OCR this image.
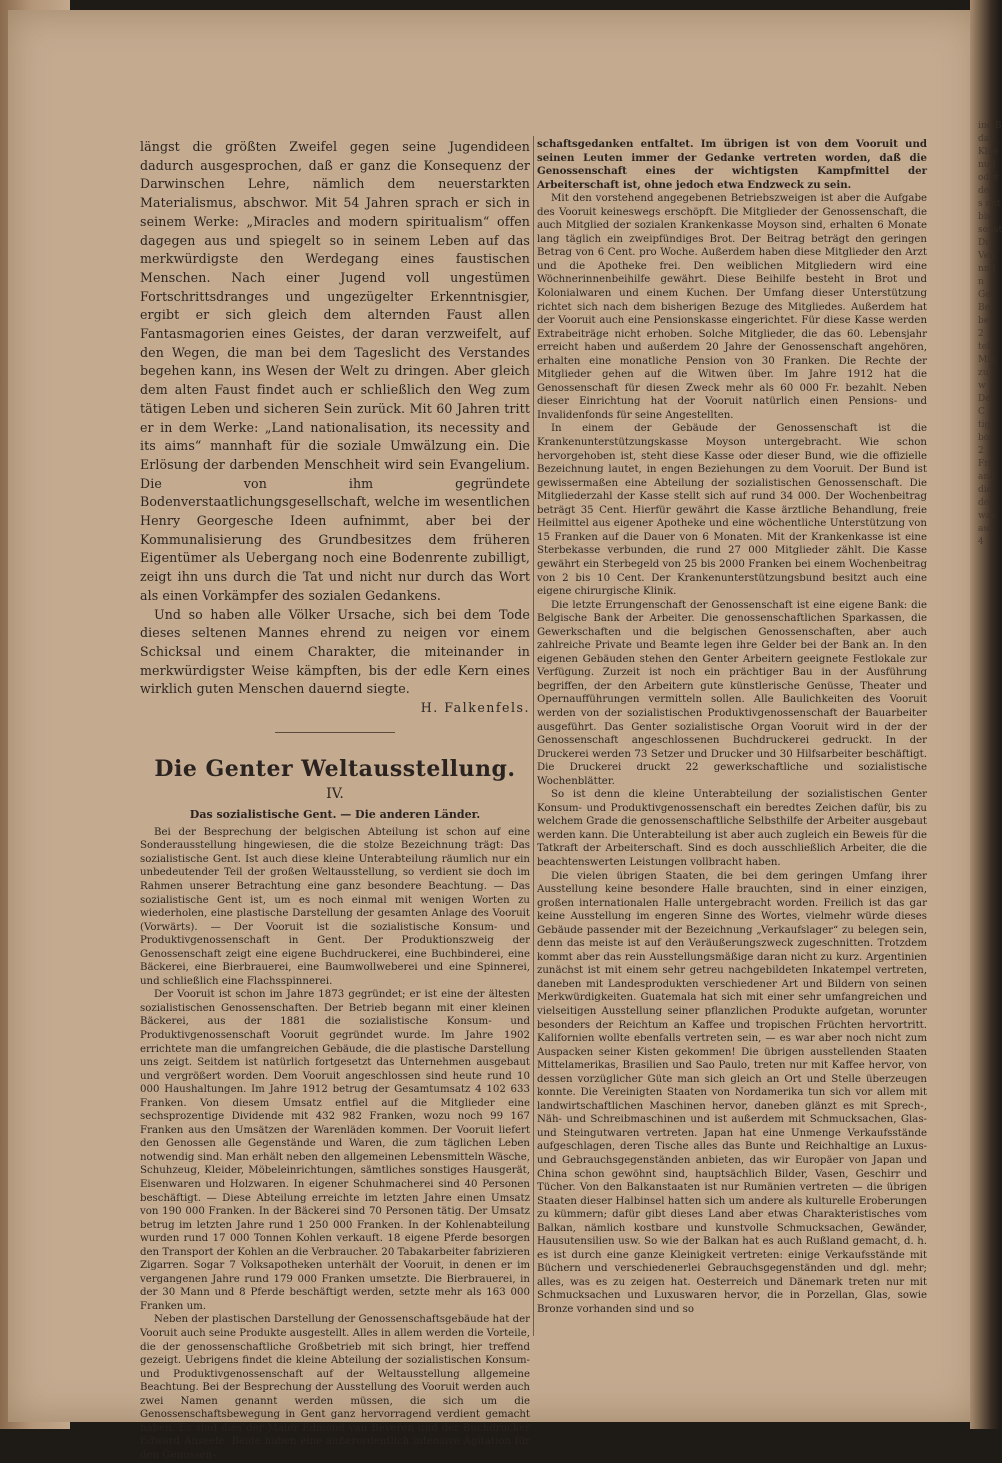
ine B
daß
Kloe
nug
oder
der
s mit
bis
sonst
Di
Ven
nnd
n
Ge
Bei
be
2
tell
Min
zu
w
De
C
tig
bor
2
Fra
and
die
der
was
aus
4

längst die größten Zweifel gegen seine Jugendideen dadurch ausgesprochen, daß er ganz die Konsequenz der Darwinschen Lehre, nämlich dem neuerstarkten Materialismus, abschwor. Mit 54 Jahren sprach er sich in seinem Werke: „Miracles and modern spiritualism“ offen dagegen aus und spiegelt so in seinem Leben auf das merkwürdigste den Werdegang eines faustischen Menschen. Nach einer Jugend voll ungestümen Fortschrittsdranges und ungezügelter Erkenntnisgier, ergibt er sich gleich dem alternden Faust allen Fantasmagorien eines Geistes, der daran verzweifelt, auf den Wegen, die man bei dem Tageslicht des Verstandes begehen kann, ins Wesen der Welt zu dringen. Aber gleich dem alten Faust findet auch er schließlich den Weg zum tätigen Leben und sicheren Sein zurück. Mit 60 Jahren tritt er in dem Werke: „Land nationalisation, its necessity and its aims“ mannhaft für die soziale Umwälzung ein. Die Erlösung der darbenden Menschheit wird sein Evangelium. Die von ihm gegründete Bodenverstaatlichungsgesellschaft, welche im wesentlichen Henry Georgesche Ideen aufnimmt, aber bei der Kommunalisierung des Grundbesitzes dem früheren Eigentümer als Uebergang noch eine Bodenrente zubilligt, zeigt ihn uns durch die Tat und nicht nur durch das Wort als einen Vorkämpfer des sozialen Gedankens.

Und so haben alle Völker Ursache, sich bei dem Tode dieses seltenen Mannes ehrend zu neigen vor einem Schicksal und einem Charakter, die miteinander in merkwürdigster Weise kämpften, bis der edle Kern eines wirklich guten Menschen dauernd siegte.

H. Falkenfels.

Die Genter Weltausstellung.

IV.

Das sozialistische Gent. — Die anderen Länder.

Bei der Besprechung der belgischen Abteilung ist schon auf eine Sonderausstellung hingewiesen, die die stolze Bezeichnung trägt: Das sozialistische Gent. Ist auch diese kleine Unterabteilung räumlich nur ein unbedeutender Teil der großen Weltausstellung, so verdient sie doch im Rahmen unserer Betrachtung eine ganz besondere Beachtung. — Das sozialistische Gent ist, um es noch einmal mit wenigen Worten zu wiederholen, eine plastische Darstellung der gesamten Anlage des Vooruit (Vorwärts). — Der Vooruit ist die sozialistische Konsum- und Produktivgenossenschaft in Gent. Der Produktionszweig der Genossenschaft zeigt eine eigene Buchdruckerei, eine Buchbinderei, eine Bäckerei, eine Bierbrauerei, eine Baumwollweberei und eine Spinnerei, und schließlich eine Flachsspinnerei.

Der Vooruit ist schon im Jahre 1873 gegründet; er ist eine der ältesten sozialistischen Genossenschaften. Der Betrieb begann mit einer kleinen Bäckerei, aus der 1881 die sozialistische Konsum- und Produktivgenossenschaft Vooruit gegründet wurde. Im Jahre 1902 errichtete man die umfangreichen Gebäude, die die plastische Darstellung uns zeigt. Seitdem ist natürlich fortgesetzt das Unternehmen ausgebaut und vergrößert worden. Dem Vooruit angeschlossen sind heute rund 10 000 Haushaltungen. Im Jahre 1912 betrug der Gesamtumsatz 4 102 633 Franken. Von diesem Umsatz entfiel auf die Mitglieder eine sechsprozentige Dividende mit 432 982 Franken, wozu noch 99 167 Franken aus den Umsätzen der Warenläden kommen. Der Vooruit liefert den Genossen alle Gegenstände und Waren, die zum täglichen Leben notwendig sind. Man erhält neben den allgemeinen Lebensmitteln Wäsche, Schuhzeug, Kleider, Möbeleinrichtungen, sämtliches sonstiges Hausgerät, Eisenwaren und Holzwaren. In eigener Schuhmacherei sind 40 Personen beschäftigt. — Diese Abteilung erreichte im letzten Jahre einen Umsatz von 190 000 Franken. In der Bäckerei sind 70 Personen tätig. Der Umsatz betrug im letzten Jahre rund 1 250 000 Franken. In der Kohlenabteilung wurden rund 17 000 Tonnen Kohlen verkauft. 18 eigene Pferde besorgen den Transport der Kohlen an die Verbraucher. 20 Tabakarbeiter fabrizieren Zigarren. Sogar 7 Volksapotheken unterhält der Vooruit, in denen er im vergangenen Jahre rund 179 000 Franken umsetzte. Die Bierbrauerei, in der 30 Mann und 8 Pferde beschäftigt werden, setzte mehr als 163 000 Franken um.

Neben der plastischen Darstellung der Genossenschaftsgebäude hat der Vooruit auch seine Produkte ausgestellt. Alles in allem werden die Vorteile, die der genossenschaftliche Großbetrieb mit sich bringt, hier treffend gezeigt. Uebrigens findet die kleine Abteilung der sozialistischen Konsum- und Produktivgenossenschaft auf der Weltausstellung allgemeine Beachtung. Bei der Besprechung der Ausstellung des Vooruit werden auch zwei Namen genannt werden müssen, die sich um die Genossenschaftsbewegung in Gent ganz hervorragend verdient gemacht haben. Es sind dies der Maler Edmond van Beveren und der Buchdrucker Edward Anseele. Beide haben eine außerordentlich intensive Agitation für den Genossen-

schaftsgedanken entfaltet. Im übrigen ist von dem Vooruit und seinen Leuten immer der Gedanke vertreten worden, daß die Genossenschaft eines der wichtigsten Kampfmittel der Arbeiterschaft ist, ohne jedoch etwa Endzweck zu sein.

Mit den vorstehend angegebenen Betriebszweigen ist aber die Aufgabe des Vooruit keineswegs erschöpft. Die Mitglieder der Genossenschaft, die auch Mitglied der sozialen Krankenkasse Moyson sind, erhalten 6 Monate lang täglich ein zweipfündiges Brot. Der Beitrag beträgt den geringen Betrag von 6 Cent. pro Woche. Außerdem haben diese Mitglieder den Arzt und die Apotheke frei. Den weiblichen Mitgliedern wird eine Wöchnerinnenbeihilfe gewährt. Diese Beihilfe besteht in Brot und Kolonialwaren und einem Kuchen. Der Umfang dieser Unterstützung richtet sich nach dem bisherigen Bezuge des Mitgliedes. Außerdem hat der Vooruit auch eine Pensionskasse eingerichtet. Für diese Kasse werden Extrabeiträge nicht erhoben. Solche Mitglieder, die das 60. Lebensjahr erreicht haben und außerdem 20 Jahre der Genossenschaft angehören, erhalten eine monatliche Pension von 30 Franken. Die Rechte der Mitglieder gehen auf die Witwen über. Im Jahre 1912 hat die Genossenschaft für diesen Zweck mehr als 60 000 Fr. bezahlt. Neben dieser Einrichtung hat der Vooruit natürlich einen Pensions- und Invalidenfonds für seine Angestellten.

In einem der Gebäude der Genossenschaft ist die Krankenunterstützungskasse Moyson untergebracht. Wie schon hervorgehoben ist, steht diese Kasse oder dieser Bund, wie die offizielle Bezeichnung lautet, in engen Beziehungen zu dem Vooruit. Der Bund ist gewissermaßen eine Abteilung der sozialistischen Genossenschaft. Die Mitgliederzahl der Kasse stellt sich auf rund 34 000. Der Wochenbeitrag beträgt 35 Cent. Hierfür gewährt die Kasse ärztliche Behandlung, freie Heilmittel aus eigener Apotheke und eine wöchentliche Unterstützung von 15 Franken auf die Dauer von 6 Monaten. Mit der Krankenkasse ist eine Sterbekasse verbunden, die rund 27 000 Mitglieder zählt. Die Kasse gewährt ein Sterbegeld von 25 bis 2000 Franken bei einem Wochenbeitrag von 2 bis 10 Cent. Der Krankenunterstützungsbund besitzt auch eine eigene chirurgische Klinik.

Die letzte Errungenschaft der Genossenschaft ist eine eigene Bank: die Belgische Bank der Arbeiter. Die genossenschaftlichen Sparkassen, die Gewerkschaften und die belgischen Genossenschaften, aber auch zahlreiche Private und Beamte legen ihre Gelder bei der Bank an. In den eigenen Gebäuden stehen den Genter Arbeitern geeignete Festlokale zur Verfügung. Zurzeit ist noch ein prächtiger Bau in der Ausführung begriffen, der den Arbeitern gute künstlerische Genüsse, Theater und Opernaufführungen vermitteln sollen. Alle Baulichkeiten des Vooruit werden von der sozialistischen Produktivgenossenschaft der Bauarbeiter ausgeführt. Das Genter sozialistische Organ Vooruit wird in der der Genossenschaft angeschlossenen Buchdruckerei gedruckt. In der Druckerei werden 73 Setzer und Drucker und 30 Hilfsarbeiter beschäftigt. Die Druckerei druckt 22 gewerkschaftliche und sozialistische Wochenblätter.

So ist denn die kleine Unterabteilung der sozialistischen Genter Konsum- und Produktivgenossenschaft ein beredtes Zeichen dafür, bis zu welchem Grade die genossenschaftliche Selbsthilfe der Arbeiter ausgebaut werden kann. Die Unterabteilung ist aber auch zugleich ein Beweis für die Tatkraft der Arbeiterschaft. Sind es doch ausschließlich Arbeiter, die die beachtenswerten Leistungen vollbracht haben.

Die vielen übrigen Staaten, die bei dem geringen Umfang ihrer Ausstellung keine besondere Halle brauchten, sind in einer einzigen, großen internationalen Halle untergebracht worden. Freilich ist das gar keine Ausstellung im engeren Sinne des Wortes, vielmehr würde dieses Gebäude passender mit der Bezeichnung „Verkaufslager“ zu belegen sein, denn das meiste ist auf den Veräußerungszweck zugeschnitten. Trotzdem kommt aber das rein Ausstellungsmäßige daran nicht zu kurz. Argentinien zunächst ist mit einem sehr getreu nachgebildeten Inkatempel vertreten, daneben mit Landesprodukten verschiedener Art und Bildern von seinen Merkwürdigkeiten. Guatemala hat sich mit einer sehr umfangreichen und vielseitigen Ausstellung seiner pflanzlichen Produkte aufgetan, worunter besonders der Reichtum an Kaffee und tropischen Früchten hervortritt. Kalifornien wollte ebenfalls vertreten sein, — es war aber noch nicht zum Auspacken seiner Kisten gekommen! Die übrigen ausstellenden Staaten Mittelamerikas, Brasilien und Sao Paulo, treten nur mit Kaffee hervor, von dessen vorzüglicher Güte man sich gleich an Ort und Stelle überzeugen konnte. Die Vereinigten Staaten von Nordamerika tun sich vor allem mit landwirtschaftlichen Maschinen hervor, daneben glänzt es mit Sprech-, Näh- und Schreibmaschinen und ist außerdem mit Schmucksachen, Glas- und Steingutwaren vertreten. Japan hat eine Unmenge Verkaufsstände aufgeschlagen, deren Tische alles das Bunte und Reichhaltige an Luxus- und Gebrauchsgegenständen anbieten, das wir Europäer von Japan und China schon gewöhnt sind, hauptsächlich Bilder, Vasen, Geschirr und Tücher. Von den Balkanstaaten ist nur Rumänien vertreten — die übrigen Staaten dieser Halbinsel hatten sich um andere als kulturelle Eroberungen zu kümmern; dafür gibt dieses Land aber etwas Charakteristisches vom Balkan, nämlich kostbare und kunstvolle Schmucksachen, Gewänder, Hausutensilien usw. So wie der Balkan hat es auch Rußland gemacht, d. h. es ist durch eine ganze Kleinigkeit vertreten: einige Verkaufsstände mit Büchern und verschiedenerlei Gebrauchsgegenständen und dgl. mehr; alles, was es zu zeigen hat. Oesterreich und Dänemark treten nur mit Schmucksachen und Luxuswaren hervor, die in Porzellan, Glas, sowie Bronze vorhanden sind und so
